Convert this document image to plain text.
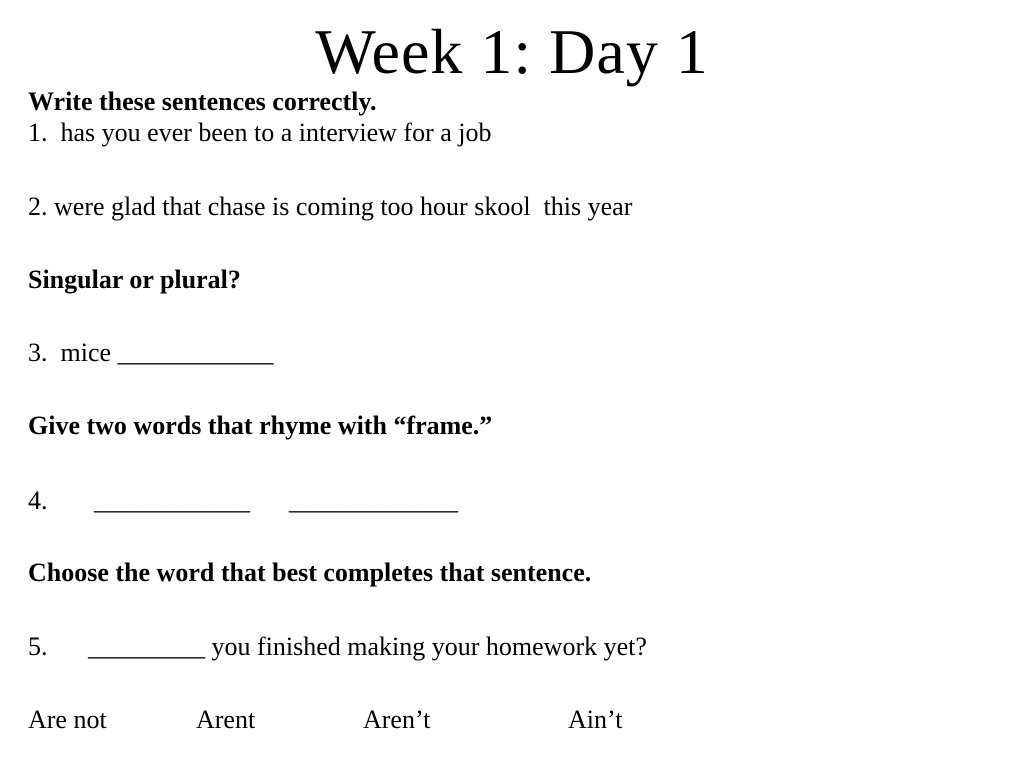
Week 1: Day 1
Write these sentences correctly.
1.  has you ever been to a interview for a job
2. were glad that chase is coming too hour skool  this year
Singular or plural?
3.  mice ____________
Give two words that rhyme with “frame.”
4. ____________ _____________
Choose the word that best completes that sentence.
5. _________ you finished making your homework yet?
Are not	Arent	Aren’t	Ain’t
